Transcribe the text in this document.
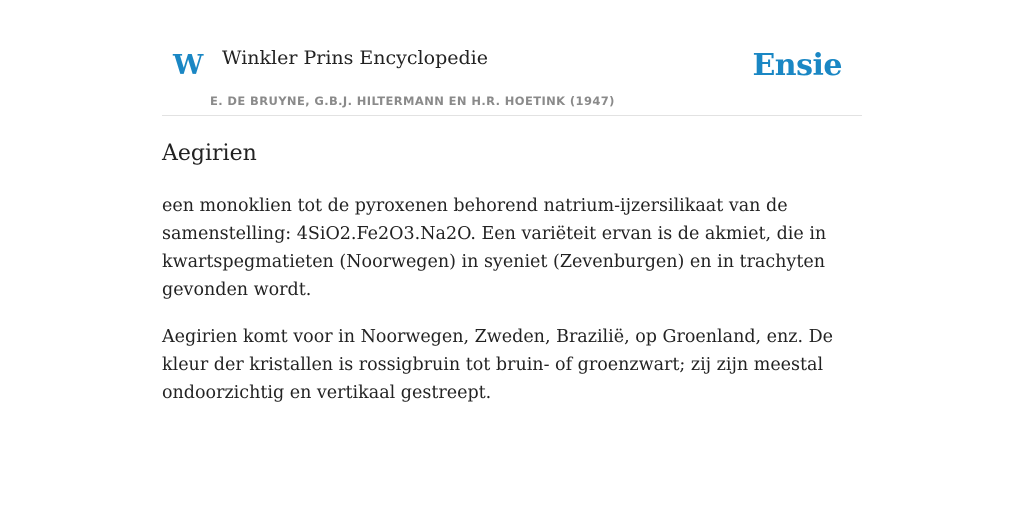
W Winkler Prins Encyclopedie
E. DE BRUYNE, G.B.J. HILTERMANN EN H.R. HOETINK (1947)
Ensie
Aegirien

een monoklien tot de pyroxenen behorend natrium-ijzersilikaat van de samenstelling: 4SiO2.Fe2O3.Na2O. Een variëteit ervan is de akmiet, die in kwartspegmatieten (Noorwegen) in syeniet (Zevenburgen) en in trachyten gevonden wordt.

Aegirien komt voor in Noorwegen, Zweden, Brazilië, op Groenland, enz. De kleur der kristallen is rossigbruin tot bruin- of groenzwart; zij zijn meestal ondoorzichtig en vertikaal gestreept.
